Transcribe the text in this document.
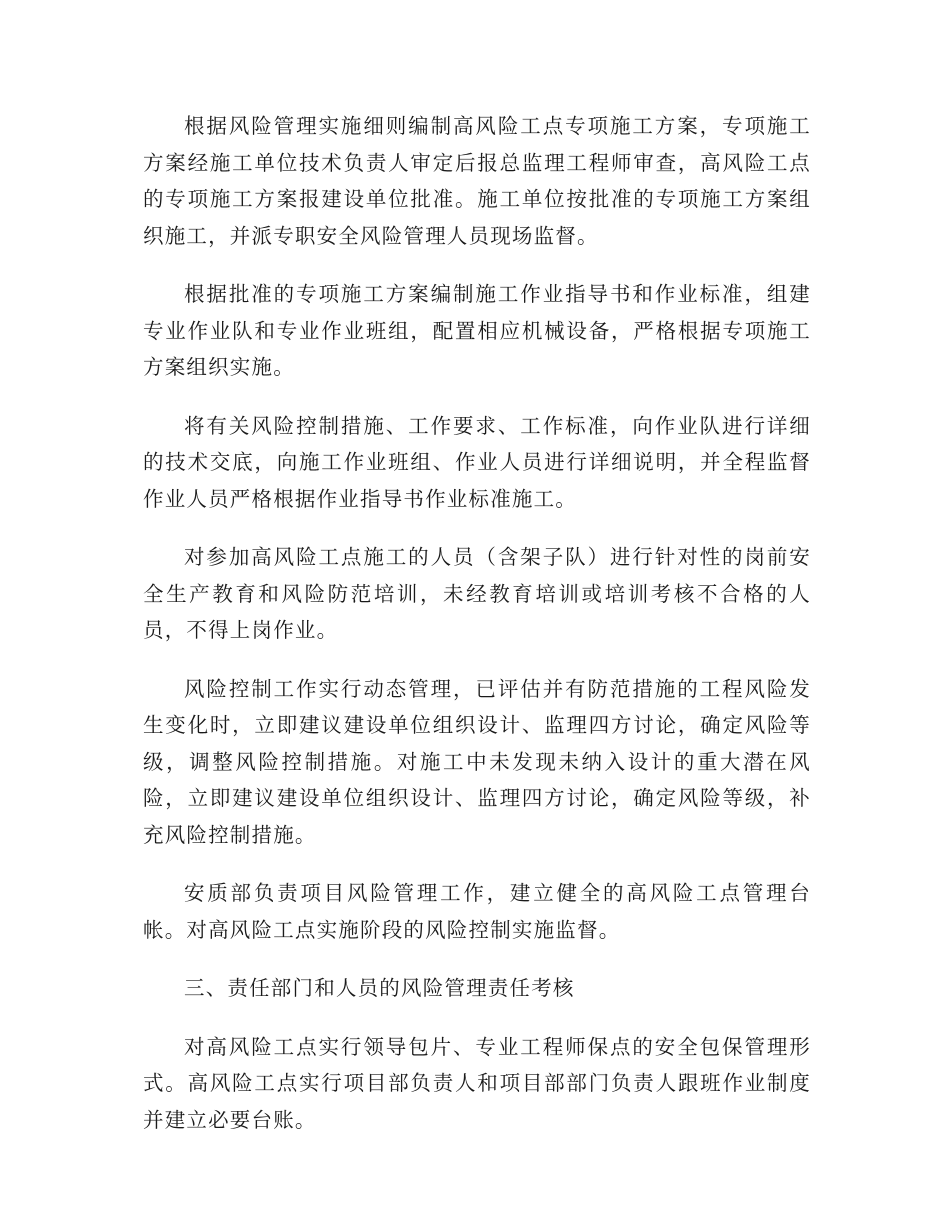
根据风险管理实施细则编制高风险工点专项施工方案，专项施工方案经施工单位技术负责人审定后报总监理工程师审查，高风险工点的专项施工方案报建设单位批准。施工单位按批准的专项施工方案组织施工，并派专职安全风险管理人员现场监督。

根据批准的专项施工方案编制施工作业指导书和作业标准，组建专业作业队和专业作业班组，配置相应机械设备，严格根据专项施工方案组织实施。

将有关风险控制措施、工作要求、工作标准，向作业队进行详细的技术交底，向施工作业班组、作业人员进行详细说明，并全程监督作业人员严格根据作业指导书作业标准施工。

对参加高风险工点施工的人员（含架子队）进行针对性的岗前安全生产教育和风险防范培训，未经教育培训或培训考核不合格的人员，不得上岗作业。

风险控制工作实行动态管理，已评估并有防范措施的工程风险发生变化时，立即建议建设单位组织设计、监理四方讨论，确定风险等级，调整风险控制措施。对施工中未发现未纳入设计的重大潜在风险，立即建议建设单位组织设计、监理四方讨论，确定风险等级，补充风险控制措施。

安质部负责项目风险管理工作，建立健全的高风险工点管理台帐。对高风险工点实施阶段的风险控制实施监督。

三、责任部门和人员的风险管理责任考核

对高风险工点实行领导包片、专业工程师保点的安全包保管理形式。高风险工点实行项目部负责人和项目部部门负责人跟班作业制度并建立必要台账。
